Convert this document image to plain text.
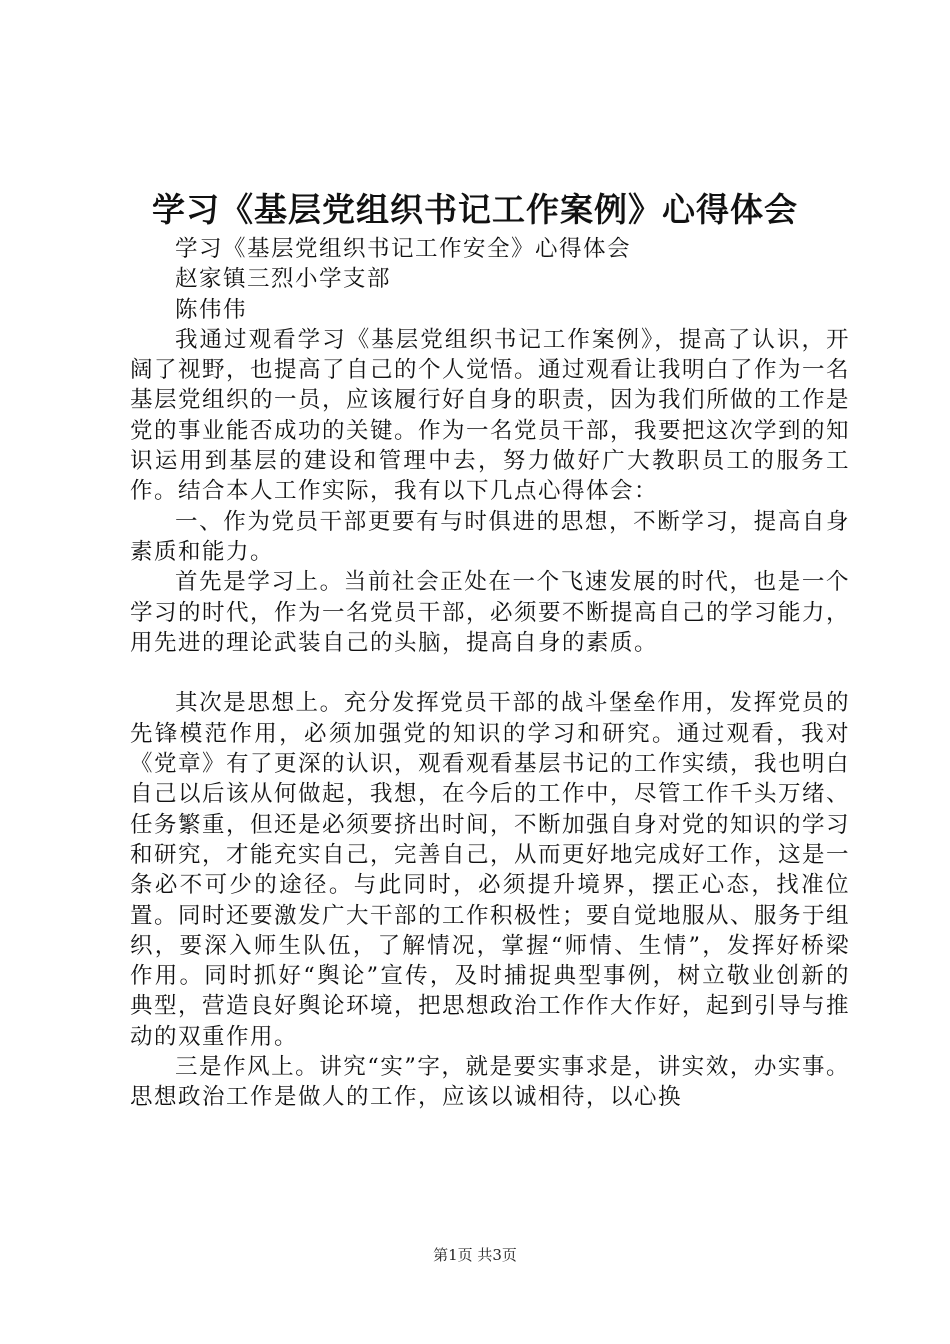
学习《基层党组织书记工作案例》心得体会

学习《基层党组织书记工作安全》心得体会

赵家镇三烈小学支部

陈伟伟

我通过观看学习《基层党组织书记工作案例》，提高了认识，开阔了视野，也提高了自己的个人觉悟。通过观看让我明白了作为一名基层党组织的一员，应该履行好自身的职责，因为我们所做的工作是党的事业能否成功的关键。作为一名党员干部，我要把这次学到的知识运用到基层的建设和管理中去，努力做好广大教职员工的服务工作。结合本人工作实际，我有以下几点心得体会：

一、作为党员干部更要有与时俱进的思想，不断学习，提高自身素质和能力。

首先是学习上。当前社会正处在一个飞速发展的时代，也是一个学习的时代，作为一名党员干部，必须要不断提高自己的学习能力，用先进的理论武装自己的头脑，提高自身的素质。

其次是思想上。充分发挥党员干部的战斗堡垒作用，发挥党员的先锋模范作用，必须加强党的知识的学习和研究。通过观看，我对《党章》有了更深的认识，观看观看基层书记的工作实绩，我也明白自己以后该从何做起，我想，在今后的工作中，尽管工作千头万绪、任务繁重，但还是必须要挤出时间，不断加强自身对党的知识的学习和研究，才能充实自己，完善自己，从而更好地完成好工作，这是一条必不可少的途径。与此同时，必须提升境界，摆正心态，找准位置。同时还要激发广大干部的工作积极性；要自觉地服从、服务于组织，要深入师生队伍，了解情况，掌握“师情、生情”，发挥好桥梁作用。同时抓好“舆论”宣传，及时捕捉典型事例，树立敬业创新的典型，营造良好舆论环境，把思想政治工作作大作好，起到引导与推动的双重作用。

三是作风上。讲究“实”字，就是要实事求是，讲实效，办实事。思想政治工作是做人的工作，应该以诚相待，以心换

第1页 共3页
